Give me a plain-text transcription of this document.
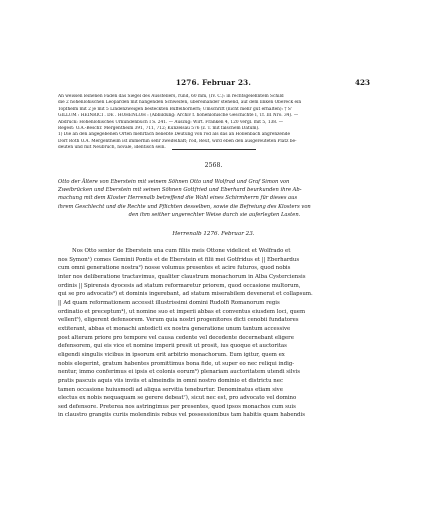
1276. Februar 23.	423
An weissen leinenen Fäden das Siegel des Ausstellers, rund, 60 mm, (IV. C.): in rechtsgelehntem Schild
die 2 hohenlohischen Leoparden mit hängenden Schweifen, übereinander stehend, auf dem linken Obereck ein
Topfhelm mit 2 je mit 5 Lindenzweigen besteckten Büffelhörnern; Umschrift (nicht mehr gut erhalten): † S'
GILLUM : HEINRICI . DE . HOHENLOH : (Abbildung: Archiv f. hohenlohische Geschichte I, Tf. III Nro. 34). —
Abdruck: Hohenlohisches Urkundenbuch I S. 241. — Auszug: Wirt. Franken 4, 120 vergl. mit 5, 138. —
Regest: O.A.-Beschr. Mergentheim 391, 711, 712; Künzelsau 576 (z. T. mit falschem Datum).
1) Die an den angegebenen Orten mehrfach beliebte Deutung von rod als das an Hollenbach angrenzende
Dorf Roth O.A. Mergentheim ist immerhin sehr zweifelhaft; rod, Reut, wird eben den ausgereuteten Platz be-
deuten und mit Neubruch, novale, identisch sein.
2568.
Otto der Ältere von Eberstein mit seinem Söhnen Otto und Wolfrad und Graf Simon von
Zweibrücken und Eberstein mit seinen Söhnen Gottfried und Eberhard beurkunden ihre Ab-
machung mit dem Kloster Herrenalb betreffend die Wahl eines Schirmherrn für dieses aus
ihrem Geschlecht und die Rechte und Pflichten desselben, sowie die Befreiung des Klosters von
den ihm seither ungerechter Weise durch sie auferlegten Lasten.
Herrenalb 1276. Februar 23.
Nos Otto senior de Eberstein una cum filiis meis Ottone videlicet et Wolfrado et
nos Symon¹) comes Geminii Pontis et de Eberstein et filii mei Gotfridus et || Eberhardus
cum omni generatione nostra²) nosse volumus presentes et acire futuros, quod nobis
inter nos deliberatione tractavimus, qualiter claustrum monachorum in Alba Cysterciensis
ordinis || Spirensis dyocesis ad statum reformaretur priorem, quod occasione multorum,
qui se pro advocatis³) et dominis ingerebant, ad statum miserabilem devenerat et collapsum.
|| Ad quam reformationem accessit illustrissimi domini Rudolfi Romanorum regis
ordinatio et preceptum⁴), ut nomine suo et imperii abbas et conventus eiusdem loci, quem
vellent⁵), eligerent defensorem. Verum quia nostri progenitores dicti cenobii fundatores
extiterant, abbas et monachi antedicti ex nostra generatione unum tantum accessive
post alterum priore pro tempore vel causa cedente vel decedente decernebant eligere
defensorem, qui eis vice et nomine imperii presit ut prosit, ius quoque et auctoritas
eligendi singulis vicibus in ipsorum erit arbitrio monachorum. Eum igitur, quem ex
nobis elegerint, gratum habentes promittimus bona fide, ut super eo nec reliqui indig-
nentur, immo conferimus ei ipsis et colonis eorum⁶) plenariam auctoritatem utendi silvis
pratis pascuis aquis viis inviis et almeindis in omni nostro dominio et districtu nec
tamen occasione huiusmodi ad aliqua servitia teneburtur. Denominatus etiam sive
electus ex nobis nequaquam se gerere debeat⁷), sicut nec est, pro advocato vel domino
sed defensore. Preterea nos astringimus per presentes, quod ipsos monachos cum suis
in claustro grangiis curiis molendinis rebus vel possessionibus tam habitis quam habendis
